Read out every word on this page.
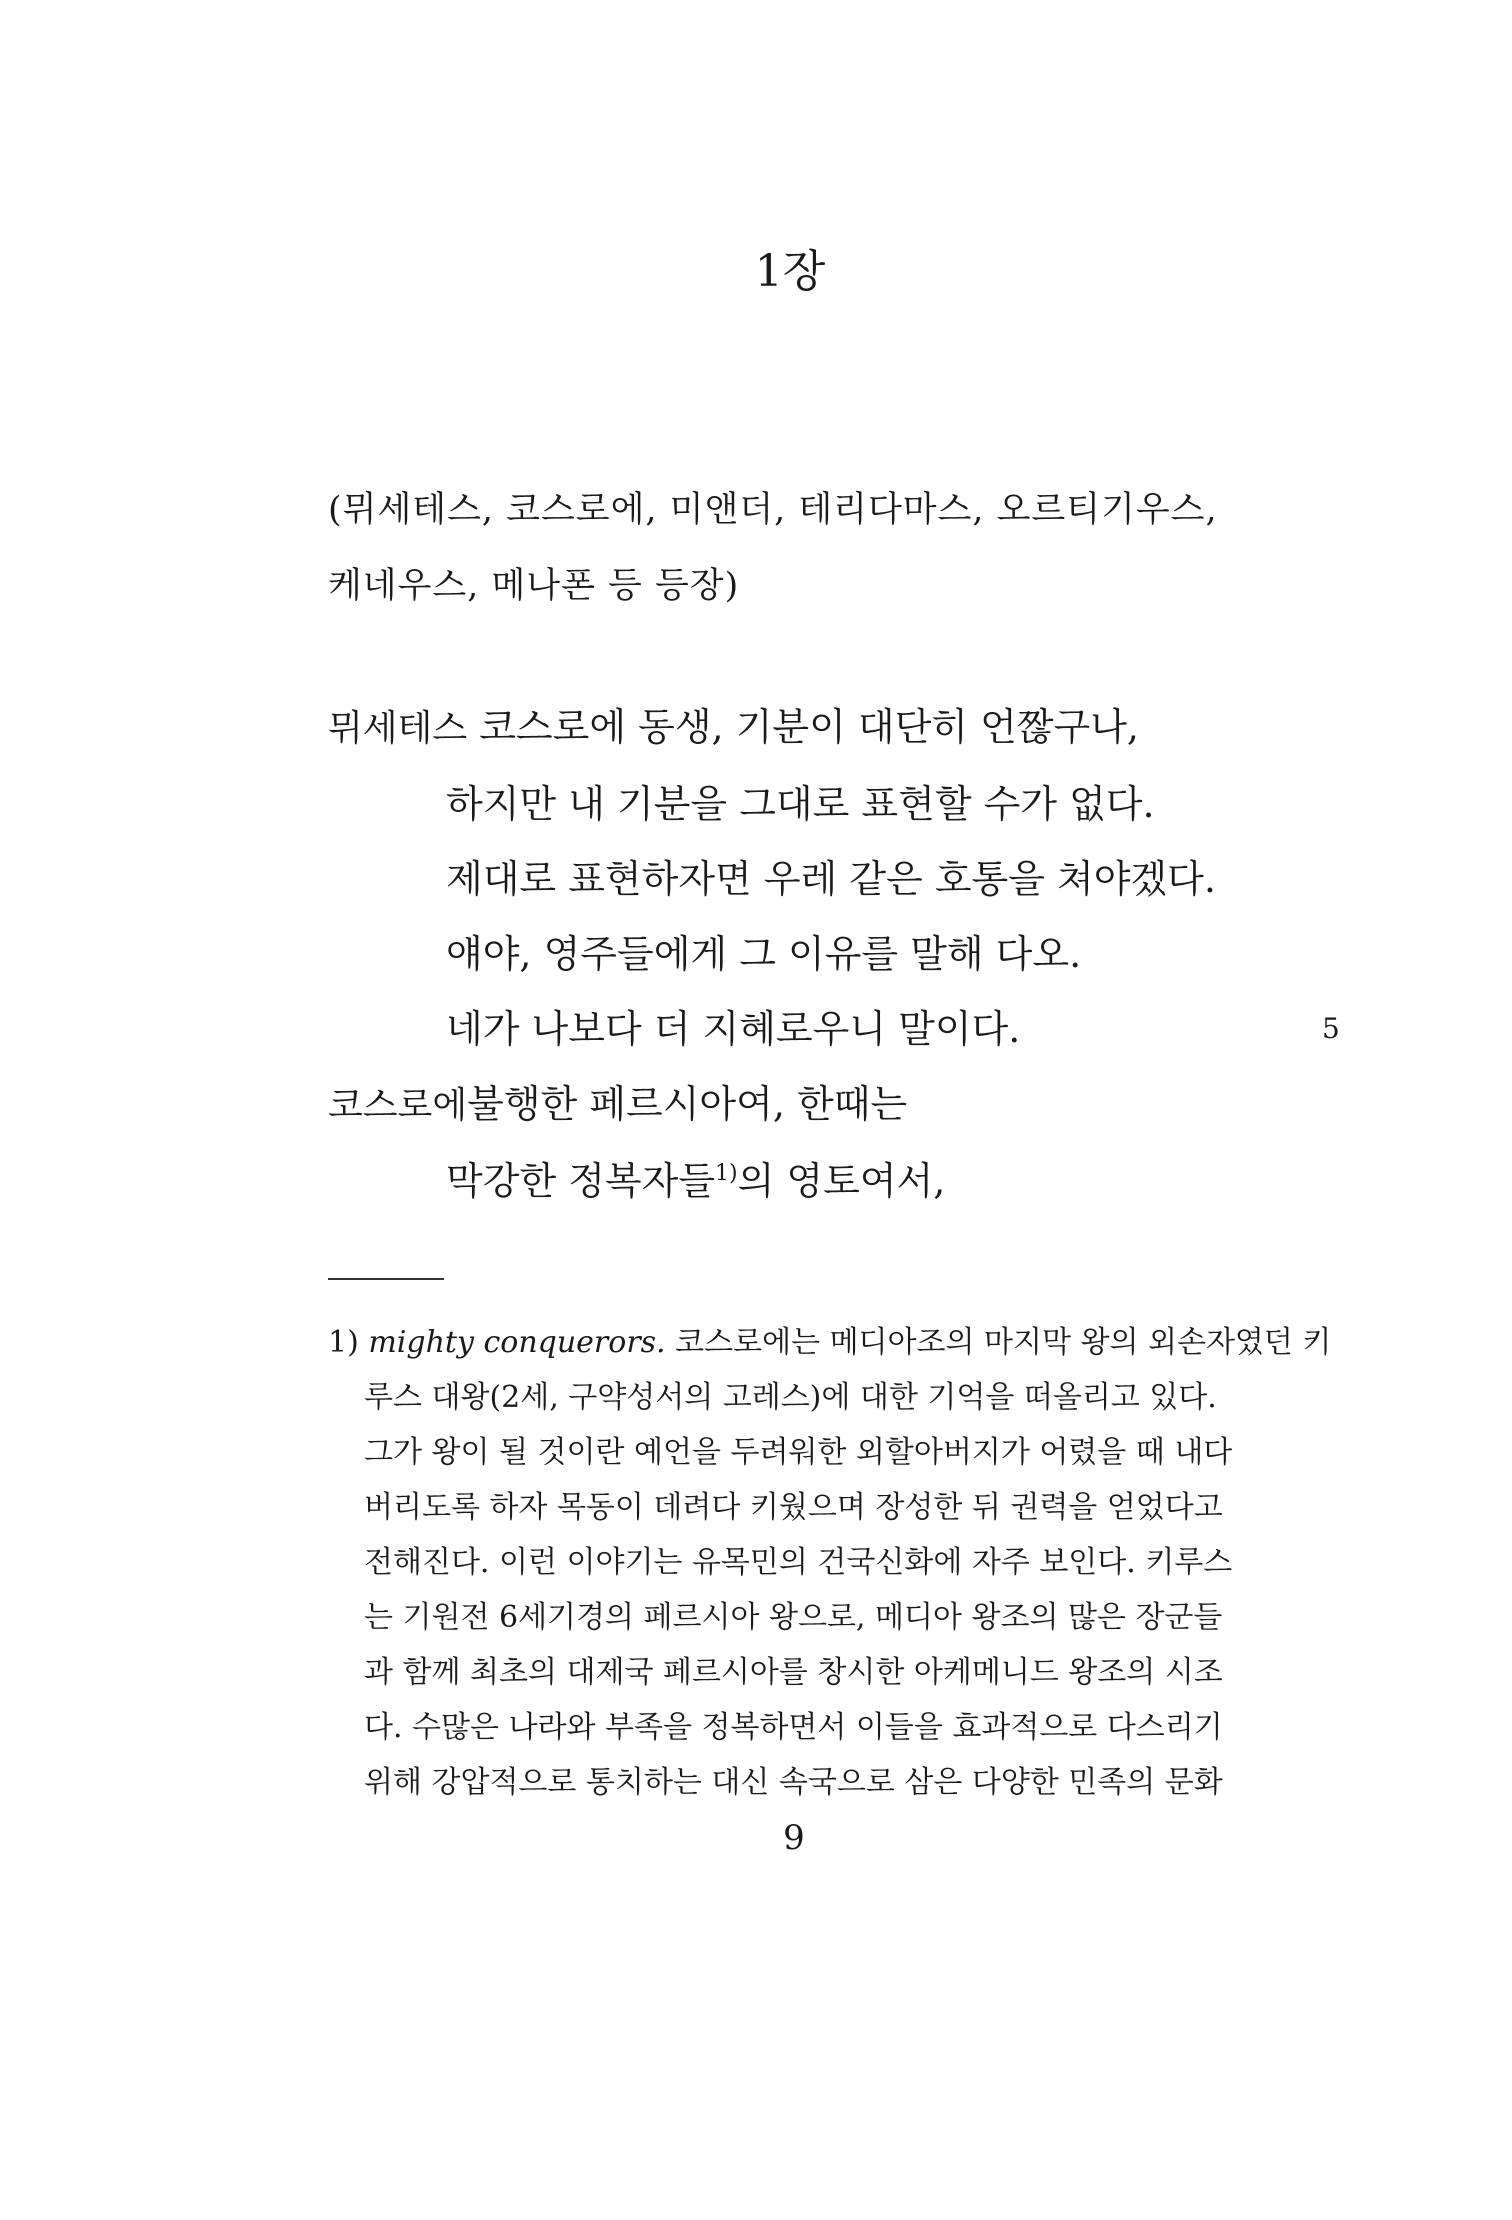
1장
(뮈세테스, 코스로에, 미앤더, 테리다마스, 오르티기우스,
케네우스, 메나폰 등 등장)
뮈세테스 코스로에 동생, 기분이 대단히 언짢구나,
하지만 내 기분을 그대로 표현할 수가 없다.
제대로 표현하자면 우레 같은 호통을 쳐야겠다.
얘야, 영주들에게 그 이유를 말해 다오.
네가 나보다 더 지혜로우니 말이다.	5
코스로에불행한 페르시아여, 한때는
막강한 정복자들$^{1)}$의 영토여서,
1) mighty conquerors. 코스로에는 메디아조의 마지막 왕의 외손자였던 키
루스 대왕(2세, 구약성서의 고레스)에 대한 기억을 떠올리고 있다.
그가 왕이 될 것이란 예언을 두려워한 외할아버지가 어렸을 때 내다
버리도록 하자 목동이 데려다 키웠으며 장성한 뒤 권력을 얻었다고
전해진다. 이런 이야기는 유목민의 건국신화에 자주 보인다. 키루스
는 기원전 6세기경의 페르시아 왕으로, 메디아 왕조의 많은 장군들
과 함께 최초의 대제국 페르시아를 창시한 아케메니드 왕조의 시조
다. 수많은 나라와 부족을 정복하면서 이들을 효과적으로 다스리기
위해 강압적으로 통치하는 대신 속국으로 삼은 다양한 민족의 문화
9
